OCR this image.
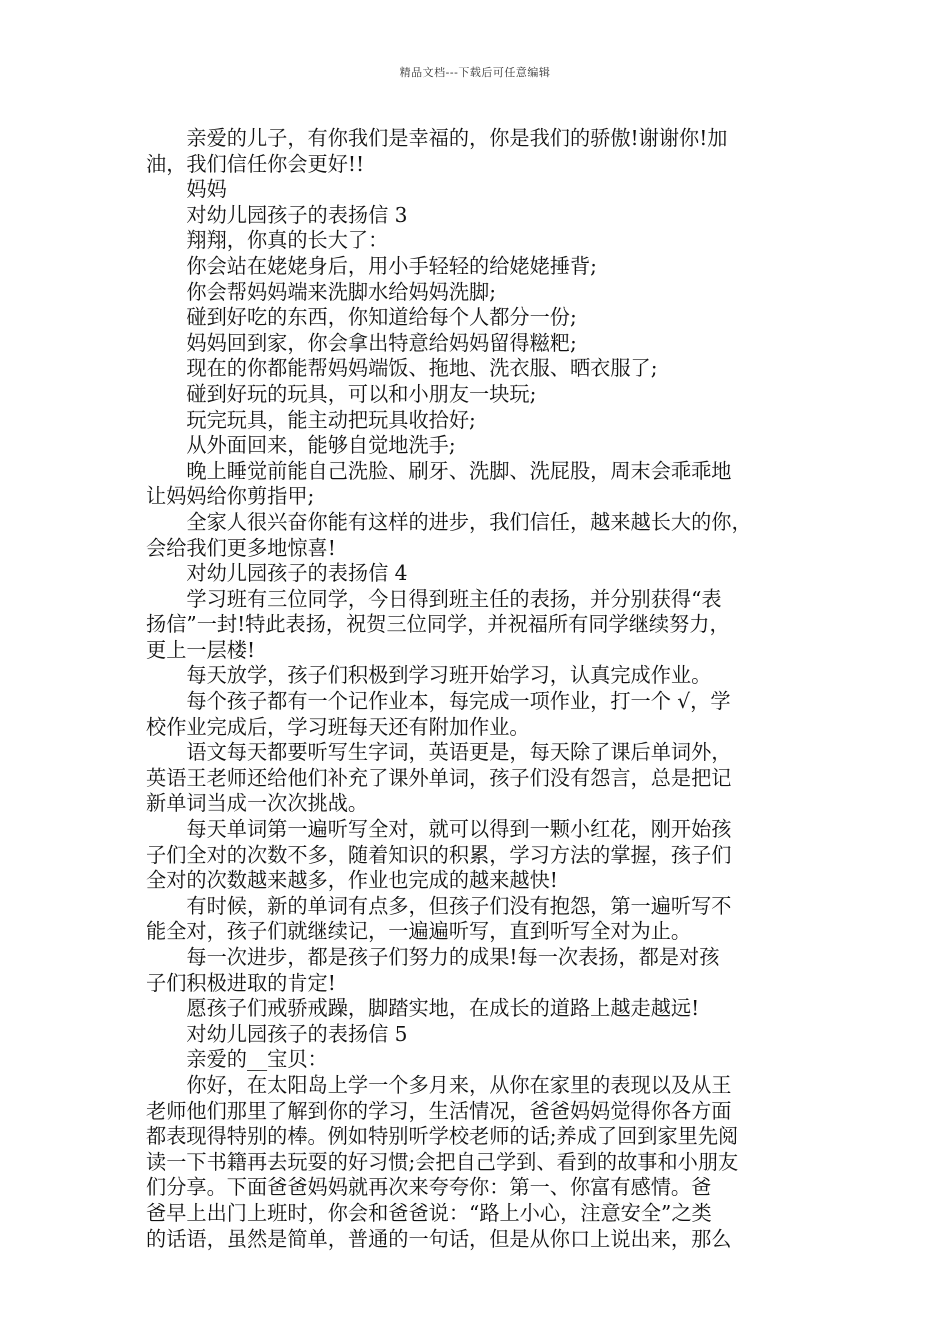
精品文档---下载后可任意编辑
亲爱的儿子，有你我们是幸福的，你是我们的骄傲!谢谢你!加
油，我们信任你会更好!!
妈妈
对幼儿园孩子的表扬信 3
翔翔，你真的长大了：
你会站在姥姥身后，用小手轻轻的给姥姥捶背;
你会帮妈妈端来洗脚水给妈妈洗脚;
碰到好吃的东西，你知道给每个人都分一份;
妈妈回到家，你会拿出特意给妈妈留得糍粑;
现在的你都能帮妈妈端饭、拖地、洗衣服、晒衣服了;
碰到好玩的玩具，可以和小朋友一块玩;
玩完玩具，能主动把玩具收拾好;
从外面回来，能够自觉地洗手;
晚上睡觉前能自己洗脸、刷牙、洗脚、洗屁股，周末会乖乖地
让妈妈给你剪指甲;
全家人很兴奋你能有这样的进步，我们信任，越来越长大的你，
会给我们更多地惊喜!
对幼儿园孩子的表扬信 4
学习班有三位同学，今日得到班主任的表扬，并分别获得“表
扬信”一封!特此表扬，祝贺三位同学，并祝福所有同学继续努力，
更上一层楼!
每天放学，孩子们积极到学习班开始学习，认真完成作业。
每个孩子都有一个记作业本，每完成一项作业，打一个 √，学
校作业完成后，学习班每天还有附加作业。
语文每天都要听写生字词，英语更是，每天除了课后单词外，
英语王老师还给他们补充了课外单词，孩子们没有怨言，总是把记
新单词当成一次次挑战。
每天单词第一遍听写全对，就可以得到一颗小红花，刚开始孩
子们全对的次数不多，随着知识的积累，学习方法的掌握，孩子们
全对的次数越来越多，作业也完成的越来越快!
有时候，新的单词有点多，但孩子们没有抱怨，第一遍听写不
能全对，孩子们就继续记，一遍遍听写，直到听写全对为止。
每一次进步，都是孩子们努力的成果!每一次表扬，都是对孩
子们积极进取的肯定!
愿孩子们戒骄戒躁，脚踏实地，在成长的道路上越走越远!
对幼儿园孩子的表扬信 5
亲爱的__宝贝：
你好，在太阳岛上学一个多月来，从你在家里的表现以及从王
老师他们那里了解到你的学习，生活情况，爸爸妈妈觉得你各方面
都表现得特别的棒。例如特别听学校老师的话;养成了回到家里先阅
读一下书籍再去玩耍的好习惯;会把自己学到、看到的故事和小朋友
们分享。下面爸爸妈妈就再次来夸夸你：第一、你富有感情。爸
爸早上出门上班时，你会和爸爸说：“路上小心，注意安全”之类
的话语，虽然是简单，普通的一句话，但是从你口上说出来，那么
